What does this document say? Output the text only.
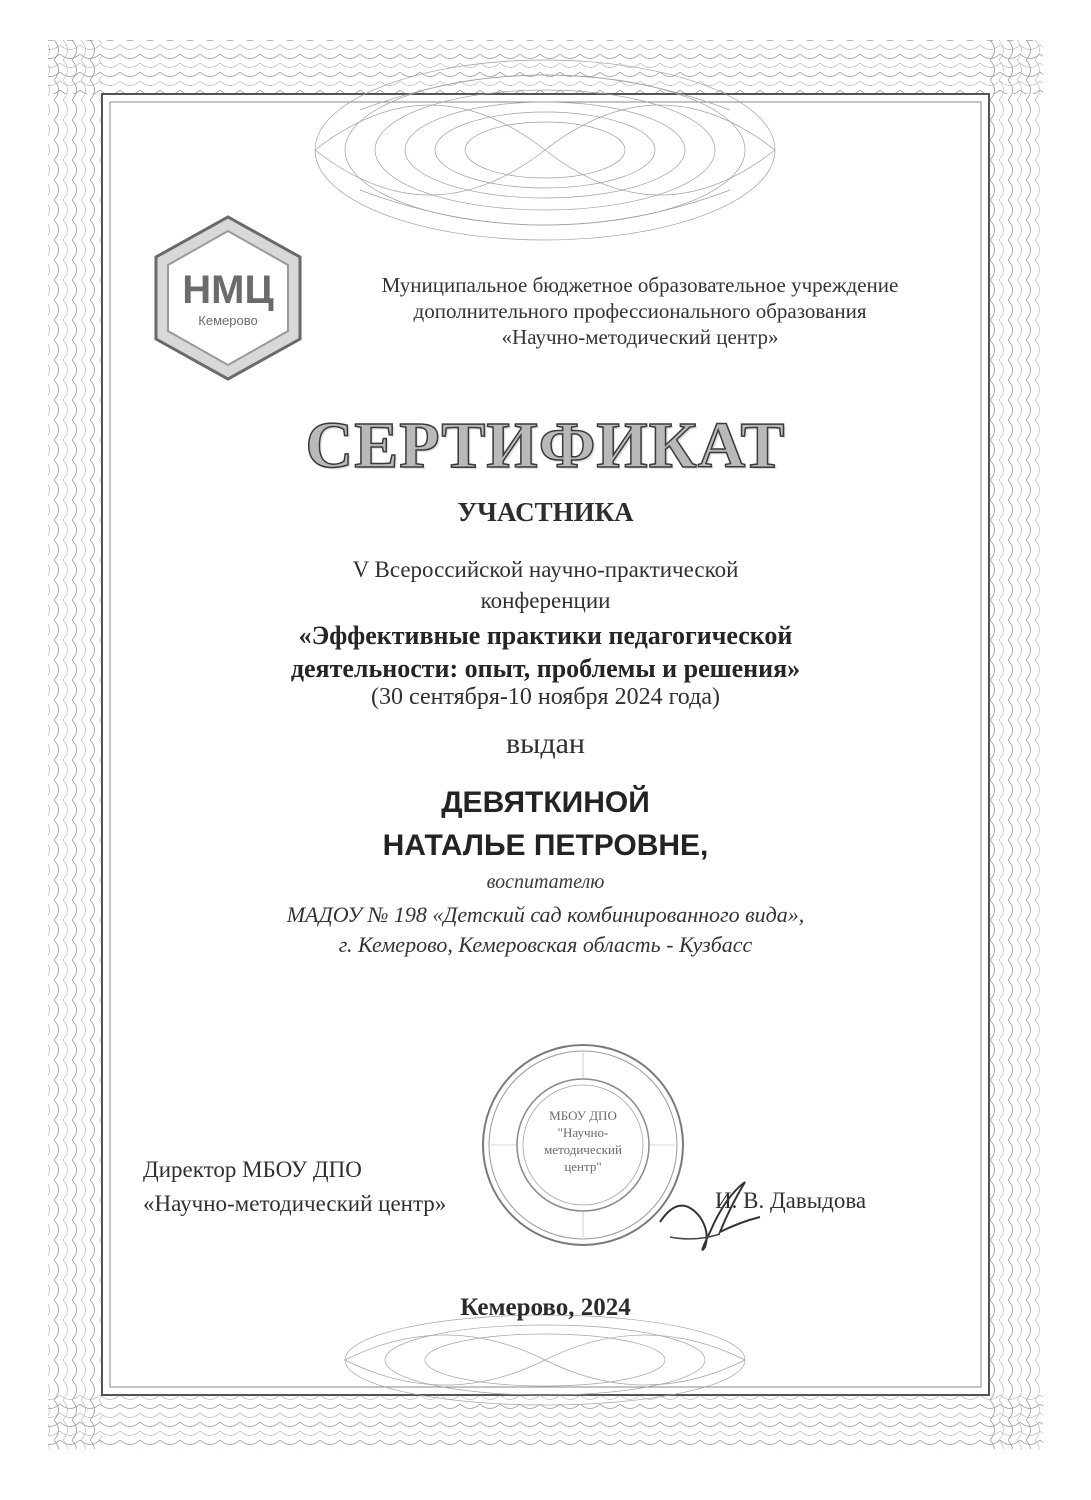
НМЦ
Кемерово
Муниципальное бюджетное образовательное учреждение
дополнительного профессионального образования
«Научно-методический центр»
СЕРТИФИКАТ
УЧАСТНИКА
V Всероссийской научно-практической
конференции
«Эффективные практики педагогической
деятельности: опыт, проблемы и решения»
(30 сентября-10 ноября 2024 года)
выдан
ДЕВЯТКИНОЙ
НАТАЛЬЕ ПЕТРОВНЕ,
воспитателю
МАДОУ № 198 «Детский сад комбинированного вида»,
г. Кемерово, Кемеровская область - Кузбасс
МБОУ ДПО
"Научно-
методический
центр"
Директор МБОУ ДПО
«Научно-методический центр»	И. В. Давыдова
Кемерово, 2024
